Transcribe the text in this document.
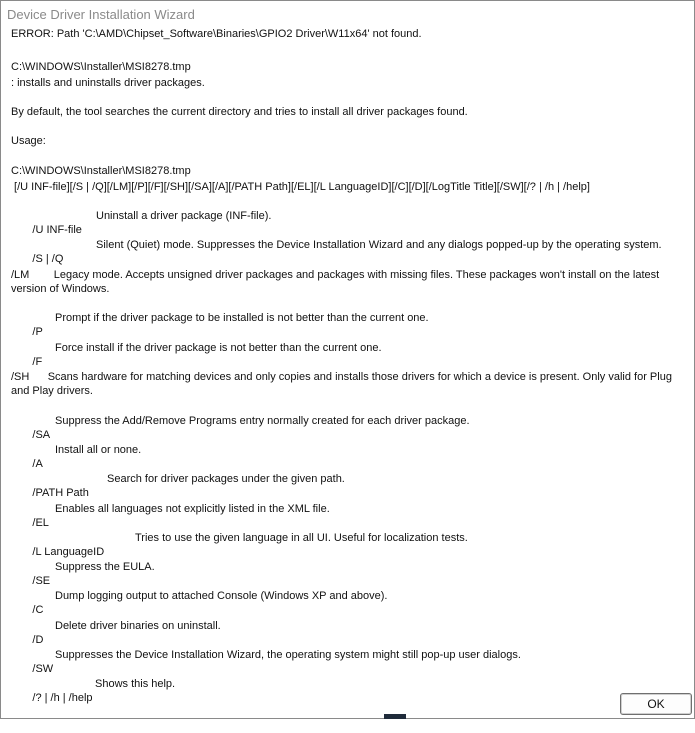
Device Driver Installation Wizard
ERROR: Path 'C:\AMD\Chipset_Software\Binaries\GPIO2 Driver\W11x64' not found.
C:\WINDOWS\Installer\MSI8278.tmp
: installs and uninstalls driver packages.
By default, the tool searches the current directory and tries to install all driver packages found.
Usage:
C:\WINDOWS\Installer\MSI8278.tmp
[/U INF-file][/S | /Q][/LM][/P][/F][/SH][/SA][/A][/PATH Path][/EL][/L LanguageID][/C][/D][/LogTitle Title][/SW][/? | /h | /help]

/U INF-file

Uninstall a driver package (INF-file).

/S | /Q

Silent (Quiet) mode. Suppresses the Device Installation Wizard and any dialogs popped-up by the operating system.

/LM Legacy mode. Accepts unsigned driver packages and packages with missing files. These packages won't install on the latest version of Windows.

/P

Prompt if the driver package to be installed is not better than the current one.

/F

Force install if the driver package is not better than the current one.

/SH Scans hardware for matching devices and only copies and installs those drivers for which a device is present. Only valid for Plug and Play drivers.

/SA

Suppress the Add/Remove Programs entry normally created for each driver package.

/A

Install all or none.

/PATH Path

Search for driver packages under the given path.

/EL

Enables all languages not explicitly listed in the XML file.

/L LanguageID

Tries to use the given language in all UI. Useful for localization tests.

/SE

Suppress the EULA.

/C

Dump logging output to attached Console (Windows XP and above).

/D

Delete driver binaries on uninstall.

/SW

Suppresses the Device Installation Wizard, the operating system might still pop-up user dialogs.

/? | /h | /help

Shows this help.

OK
